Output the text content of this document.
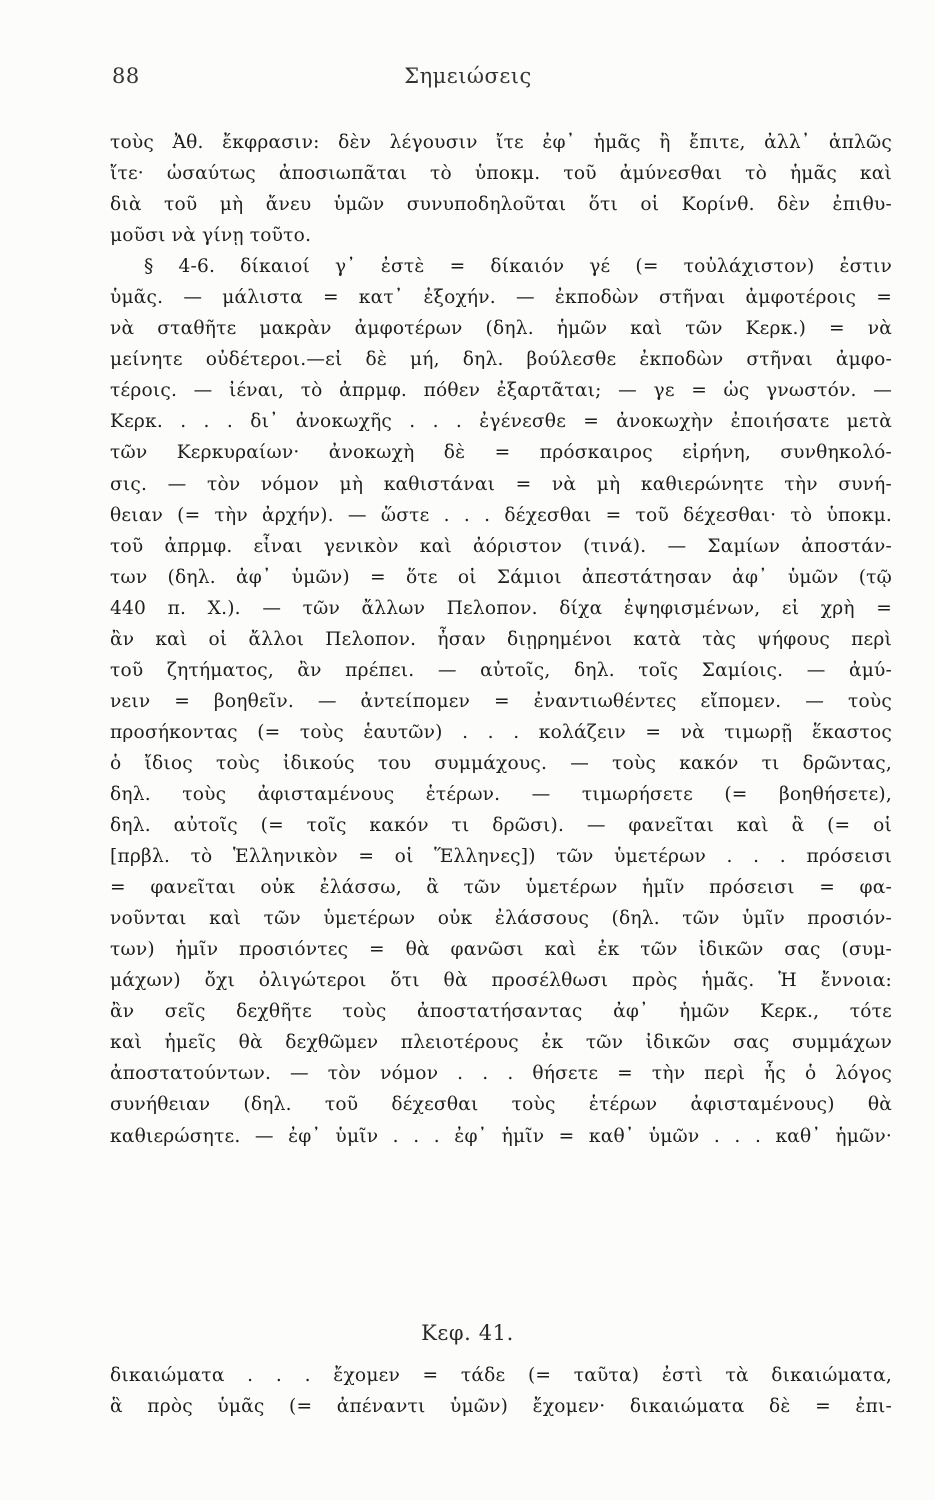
88	Σημειώσεις
τοὺς Ἀθ. ἔκφρασιν: δὲν λέγουσιν ἴτε ἐφ᾽ ἡμᾶς ἢ ἔπιτε, ἀλλ᾽ ἁπλῶς
ἴτε· ὡσαύτως ἀποσιωπᾶται τὸ ὑποκμ. τοῦ ἀμύνεσθαι τὸ ἡμᾶς καὶ
διὰ τοῦ μὴ ἄνευ ὑμῶν συνυποδηλοῦται ὅτι οἱ Κορίνθ. δὲν ἐπιθυ-
μοῦσι νὰ γίνῃ τοῦτο.
§ 4-6. δίκαιοί γ᾽ ἐστὲ = δίκαιόν γέ (= τοὐλάχιστον) ἐστιν
ὑμᾶς. — μάλιστα = κατ᾽ ἐξοχήν. — ἐκποδὼν στῆναι ἀμφοτέροις =
νὰ σταθῆτε μακρὰν ἀμφοτέρων (δηλ. ἡμῶν καὶ τῶν Κερκ.) = νὰ
μείνητε οὐδέτεροι.—εἰ δὲ μή, δηλ. βούλεσθε ἐκποδὼν στῆναι ἀμφο-
τέροις. — ἰέναι, τὸ ἀπρμφ. πόθεν ἐξαρτᾶται; — γε = ὡς γνωστόν. —
Κερκ. . . . δι᾽ ἀνοκωχῆς . . . ἐγένεσθε = ἀνοκωχὴν ἐποιήσατε μετὰ
τῶν Κερκυραίων· ἀνοκωχὴ δὲ = πρόσκαιρος εἰρήνη, συνθηκολό-
σις. — τὸν νόμον μὴ καθιστάναι = νὰ μὴ καθιερώνητε τὴν συνή-
θειαν (= τὴν ἀρχήν). — ὥστε . . . δέχεσθαι = τοῦ δέχεσθαι· τὸ ὑποκμ.
τοῦ ἀπρμφ. εἶναι γενικὸν καὶ ἀόριστον (τινά). — Σαμίων ἀποστάν-
των (δηλ. ἀφ᾽ ὑμῶν) = ὅτε οἱ Σάμιοι ἀπεστάτησαν ἀφ᾽ ὑμῶν (τῷ
440 π. Χ.). — τῶν ἄλλων Πελοπον. δίχα ἐψηφισμένων, εἰ χρὴ =
ἂν καὶ οἱ ἄλλοι Πελοπον. ἦσαν διῃρημένοι κατὰ τὰς ψήφους περὶ
τοῦ ζητήματος, ἂν πρέπει. — αὐτοῖς, δηλ. τοῖς Σαμίοις. — ἀμύ-
νειν = βοηθεῖν. — ἀντείπομεν = ἐναντιωθέντες εἴπομεν. — τοὺς
προσήκοντας (= τοὺς ἑαυτῶν) . . . κολάζειν = νὰ τιμωρῇ ἕκαστος
ὁ ἴδιος τοὺς ἰδικούς του συμμάχους. — τοὺς κακόν τι δρῶντας,
δηλ. τοὺς ἀφισταμένους ἑτέρων. — τιμωρήσετε (= βοηθήσετε),
δηλ. αὐτοῖς (= τοῖς κακόν τι δρῶσι). — φανεῖται καὶ ἃ (= οἱ
[πρβλ. τὸ Ἑλληνικὸν = οἱ Ἕλληνες]) τῶν ὑμετέρων . . . πρόσεισι
= φανεῖται οὐκ ἐλάσσω, ἃ τῶν ὑμετέρων ἡμῖν πρόσεισι = φα-
νοῦνται καὶ τῶν ὑμετέρων οὐκ ἐλάσσους (δηλ. τῶν ὑμῖν προσιόν-
των) ἡμῖν προσιόντες = θὰ φανῶσι καὶ ἐκ τῶν ἰδικῶν σας (συμ-
μάχων) ὄχι ὀλιγώτεροι ὅτι θὰ προσέλθωσι πρὸς ἡμᾶς. Ἡ ἔννοια:
ἂν σεῖς δεχθῆτε τοὺς ἀποστατήσαντας ἀφ᾽ ἡμῶν Κερκ., τότε
καὶ ἡμεῖς θὰ δεχθῶμεν πλειοτέρους ἐκ τῶν ἰδικῶν σας συμμάχων
ἀποστατούντων. — τὸν νόμον . . . θήσετε = τὴν περὶ ἧς ὁ λόγος
συνήθειαν (δηλ. τοῦ δέχεσθαι τοὺς ἑτέρων ἀφισταμένους) θὰ
καθιερώσητε. — ἐφ᾽ ὑμῖν . . . ἐφ᾽ ἡμῖν = καθ᾽ ὑμῶν . . . καθ᾽ ἡμῶν·
Κεφ. 41.
δικαιώματα . . . ἔχομεν = τάδε (= ταῦτα) ἐστὶ τὰ δικαιώματα,
ἃ πρὸς ὑμᾶς (= ἀπέναντι ὑμῶν) ἔχομεν· δικαιώματα δὲ = ἐπι-
